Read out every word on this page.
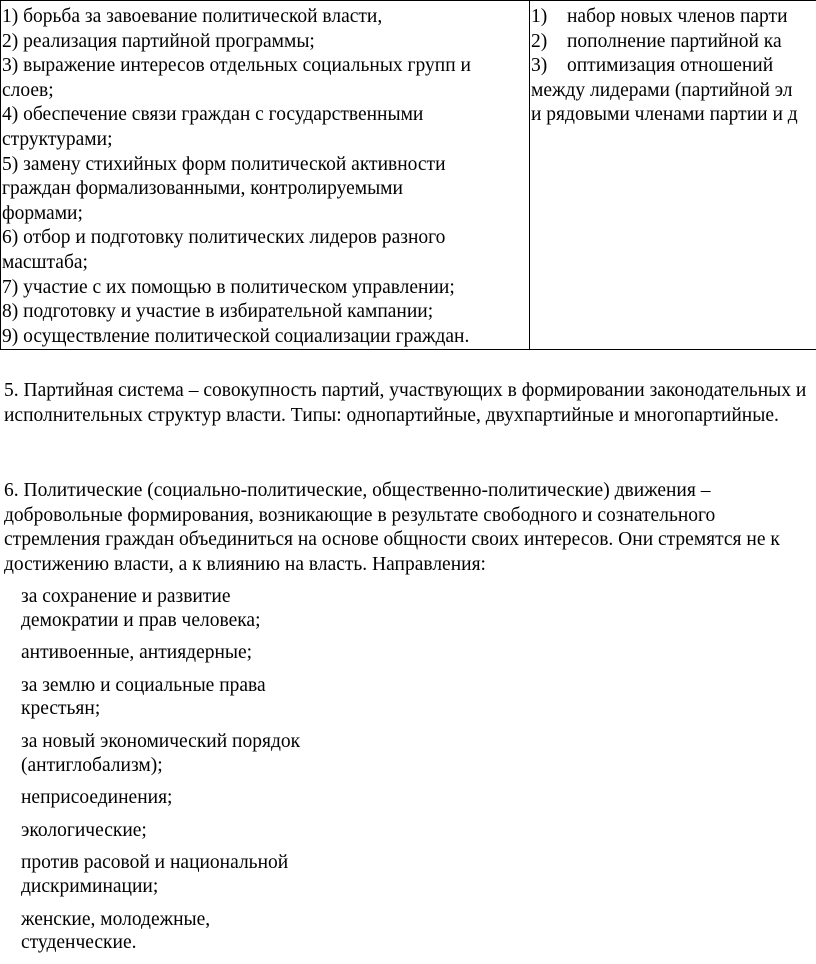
1) борьба за завоевание политической власти,
2) реализация партийной программы;
3) выражение интересов отдельных социальных групп и
слоев;
4) обеспечение связи граждан с государственными
структурами;
5) замену стихийных форм политической активности
граждан формализованными, контролируемыми
формами;
6) отбор и подготовку политических лидеров разного
масштаба;
7) участие с их помощью в политическом управлении;
8) подготовку и участие в избирательной кампании;
9) осуществление политической социализации граждан.

1) набор новых членов парти
2) пополнение партийной ка
3) оптимизация отношений
между лидерами (партийной эл
и рядовыми членами партии и д

5. Партийная система – совокупность партий, участвующих в формировании законодательных и исполнительных структур власти. Типы: однопартийные, двухпартийные и многопартийные.

6. Политические (социально-политические, общественно-политические) движения – добровольные формирования, возникающие в результате свободного и сознательного стремления граждан объединиться на основе общности своих интересов. Они стремятся не к достижению власти, а к влиянию на власть. Направления:

за сохранение и развитие
демократии и прав человека;
антивоенные, антиядерные;
за землю и социальные права
крестьян;
за новый экономический порядок
(антиглобализм);
неприсоединения;
экологические;
против расовой и национальной
дискриминации;
женские, молодежные,
студенческие.
